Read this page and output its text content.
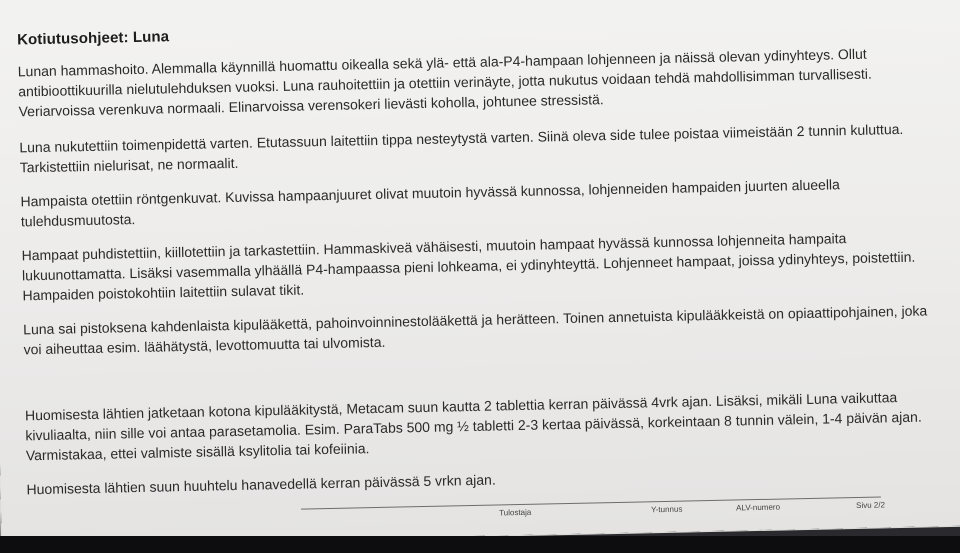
Kotiutusohjeet: Luna

Lunan hammashoito. Alemmalla käynnillä huomattu oikealla sekä ylä- että ala-P4-hampaan lohjenneen ja näissä olevan ydinyhteys. Ollut antibioottikuurilla nielutulehduksen vuoksi. Luna rauhoitettiin ja otettiin verinäyte, jotta nukutus voidaan tehdä mahdollisimman turvallisesti. Veriarvoissa verenkuva normaali. Elinarvoissa verensokeri lievästi koholla, johtunee stressistä.

Luna nukutettiin toimenpidettä varten. Etutassuun laitettiin tippa nesteytystä varten. Siinä oleva side tulee poistaa viimeistään 2 tunnin kuluttua. Tarkistettiin nielurisat, ne normaalit.

Hampaista otettiin röntgenkuvat. Kuvissa hampaanjuuret olivat muutoin hyvässä kunnossa, lohjenneiden hampaiden juurten alueella tulehdusmuutosta.

Hampaat puhdistettiin, kiillotettiin ja tarkastettiin. Hammaskiveä vähäisesti, muutoin hampaat hyvässä kunnossa lohjenneita hampaita lukuunottamatta. Lisäksi vasemmalla ylhäällä P4-hampaassa pieni lohkeama, ei ydinyhteyttä. Lohjenneet hampaat, joissa ydinyhteys, poistettiin. Hampaiden poistokohtiin laitettiin sulavat tikit.

Luna sai pistoksena kahdenlaista kipulääkettä, pahoinvoinninestolääkettä ja herätteen. Toinen annetuista kipulääkkeistä on opiaattipohjainen, joka voi aiheuttaa esim. läähätystä, levottomuutta tai ulvomista.

Huomisesta lähtien jatketaan kotona kipulääkitystä, Metacam suun kautta 2 tablettia kerran päivässä 4vrk ajan. Lisäksi, mikäli Luna vaikuttaa kivuliaalta, niin sille voi antaa parasetamolia. Esim. ParaTabs 500 mg ½ tabletti 2-3 kertaa päivässä, korkeintaan 8 tunnin välein, 1-4 päivän ajan. Varmistakaa, ettei valmiste sisällä ksylitolia tai kofeiinia.

Huomisesta lähtien suun huuhtelu hanavedellä kerran päivässä 5 vrkn ajan.

Tulostaja	Y-tunnus	ALV-numero	Sivu 2/2
